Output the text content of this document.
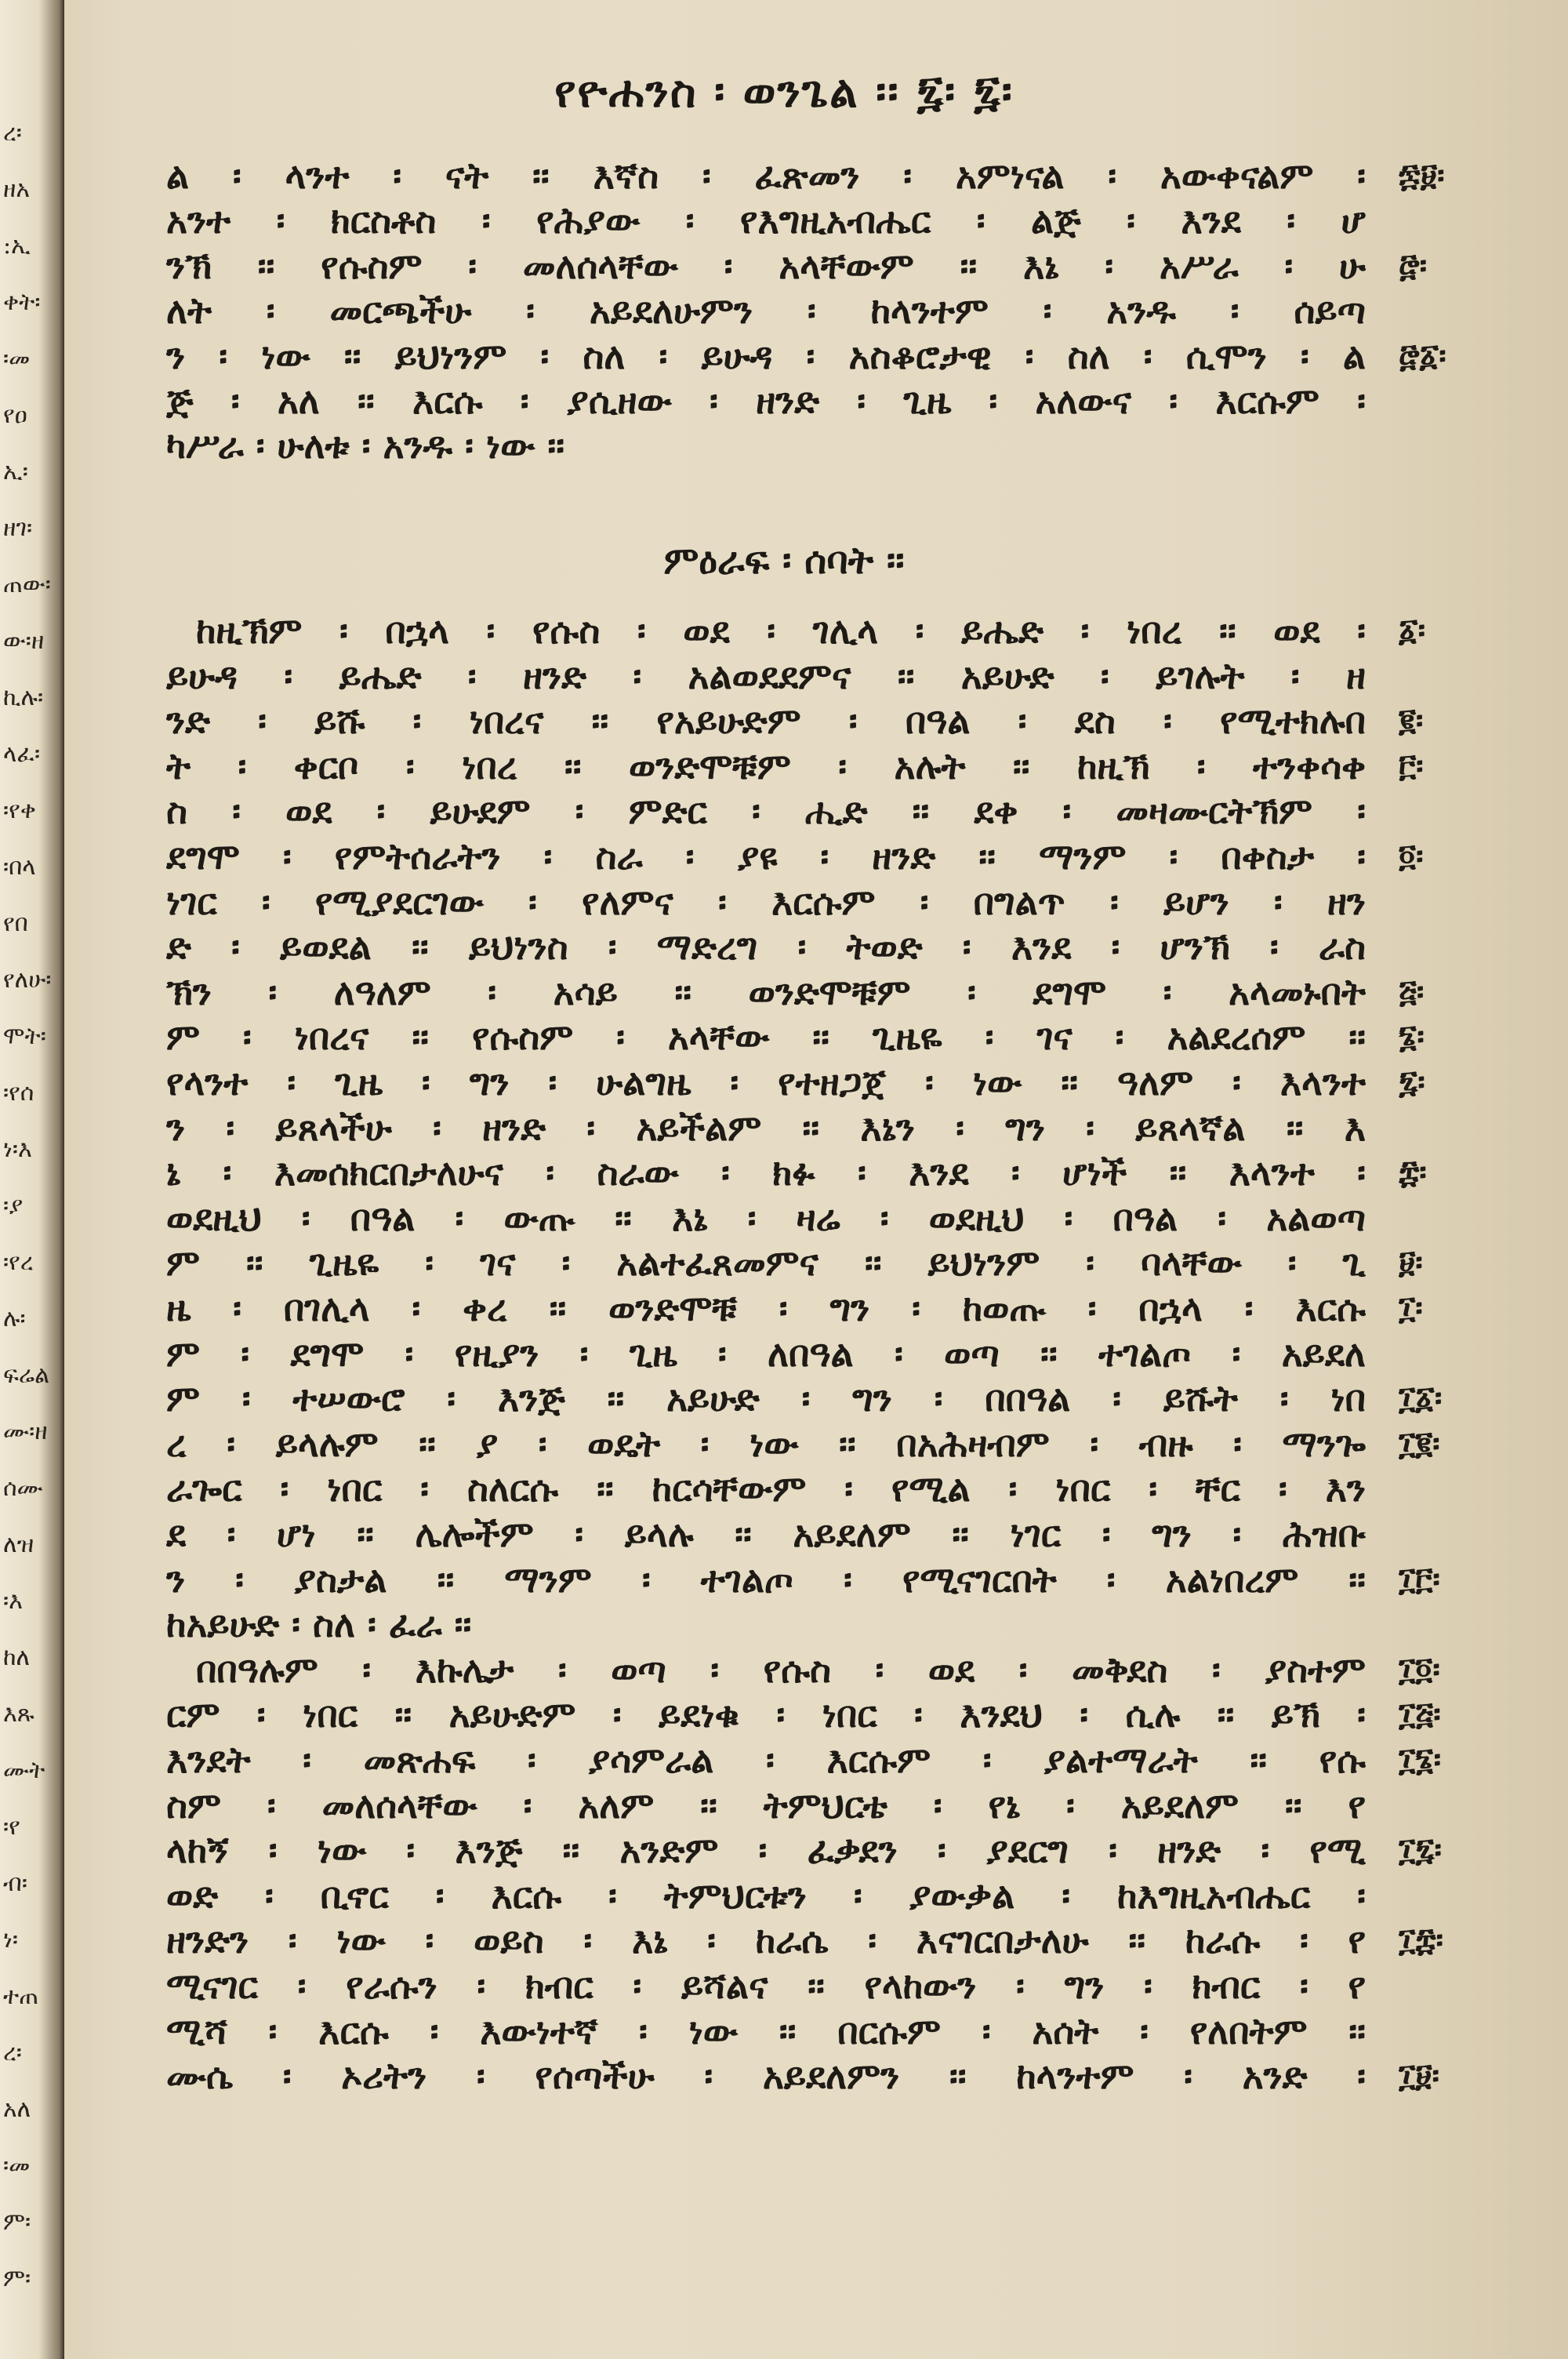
ረ፡
ዘአ
:ኢ
ቀት፡
፡መ
የዐ
ኢ፡
ዘገ፡
ጠው፡
ው፡ዘ
ኪሉ፡
ላፈ፡
፡የቀ
፡በላ
የበ
የለሁ፡
ሞት፡
፡የሰ
ነ፡እ
፡ያ
፡የረ
ሉ፡
ፍሬል
ሙ፡ዘ
ሰሙ
ለዝ
፡እ
ከለ
እጹ
ሙት
፡የ
ብ፡
ነ፡
ተጠ
ረ፡
አለ
፡መ
ም፡
ም፡
የዮሐንስ ፡ ወንጌል ፡፡ ፯፡ ፯፡
ምዕራፍ ፡ ሰባት ፡፡
ል ፡ ላንተ ፡ ናት ፡፡ እኛስ ፡ ፈጽመን ፡ አምነናል ፡ አውቀናልም ፡ ፷፱፡
አንተ ፡ ክርስቶስ ፡ የሕያው ፡ የእግዚአብሔር ፡ ልጅ ፡ እንደ ፡ ሆ
ንኽ ፡፡ የሱስም ፡ መለሰላቸው ፡ አላቸውም ፡፡ እኔ ፡ አሥራ ፡ ሁ ፸፡
ለት ፡ መርጫችሁ ፡ አይደለሁምን ፡ ከላንተም ፡ አንዱ ፡ ሰይጣ
ን ፡ ነው ፡፡ ይህነንም ፡ ስለ ፡ ይሁዳ ፡ አስቆሮታዊ ፡ ስለ ፡ ሲሞን ፡ ል ፸፩፡
ጅ ፡ አለ ፡፡ እርሱ ፡ ያሲዘው ፡ ዘንድ ፡ ጊዜ ፡ አለውና ፡ እርሱም ፡
ካሥራ ፡ ሁለቱ ፡ አንዱ ፡ ነው ፡፡
ከዚኽም ፡ በኋላ ፡ የሱስ ፡ ወደ ፡ ገሊላ ፡ ይሔድ ፡ ነበረ ፡፡ ወደ ፡ ፩፡
ይሁዳ ፡ ይሔድ ፡ ዘንድ ፡ አልወደደምና ፡፡ አይሁድ ፡ ይገሉት ፡ ዘ
ንድ ፡ ይሹ ፡ ነበረና ፡፡ የአይሁድም ፡ በዓል ፡ ደስ ፡ የሚተክሉበ ፪፡
ት ፡ ቀርቦ ፡ ነበረ ፡፡ ወንድሞቹም ፡ አሉት ፡፡ ከዚኽ ፡ ተንቀሳቀ ፫፡
ስ ፡ ወደ ፡ ይሁደም ፡ ምድር ፡ ሒድ ፡፡ ደቀ ፡ መዛሙርትኽም ፡
ደግሞ ፡ የምትሰራትን ፡ ስራ ፡ ያዩ ፡ ዘንድ ፡፡ ማንም ፡ በቀስታ ፡ ፬፡
ነገር ፡ የሚያደርገው ፡ የለምና ፡ እርሱም ፡ በግልጥ ፡ ይሆን ፡ ዘን
ድ ፡ ይወደል ፡፡ ይህነንስ ፡ ማድረግ ፡ ትወድ ፡ እንደ ፡ ሆንኽ ፡ ራስ
ኽን ፡ ለዓለም ፡ አሳይ ፡፡ ወንድሞቹም ፡ ደግሞ ፡ አላመኑበት ፭፡
ም ፡ ነበረና ፡፡ የሱስም ፡ አላቸው ፡፡ ጊዜዬ ፡ ገና ፡ አልደረሰም ፡፡ ፮፡
የላንተ ፡ ጊዜ ፡ ግን ፡ ሁልግዜ ፡ የተዘጋጀ ፡ ነው ፡፡ ዓለም ፡ እላንተ ፯፡
ን ፡ ይጸላችሁ ፡ ዘንድ ፡ አይችልም ፡፡ እኔን ፡ ግን ፡ ይጸላኛል ፡፡ እ
ኔ ፡ እመሰክርበታለሁና ፡ ስራው ፡ ክፉ ፡ እንደ ፡ ሆነች ፡፡ እላንተ ፡ ፰፡
ወደዚህ ፡ በዓል ፡ ውጡ ፡፡ እኔ ፡ ዛሬ ፡ ወደዚህ ፡ በዓል ፡ አልወጣ
ም ፡፡ ጊዜዬ ፡ ገና ፡ አልተፈጸመምና ፡፡ ይህነንም ፡ ባላቸው ፡ ጊ ፱፡
ዜ ፡ በገሊላ ፡ ቀረ ፡፡ ወንድሞቹ ፡ ግን ፡ ከወጡ ፡ በኋላ ፡ እርሱ ፲፡
ም ፡ ደግሞ ፡ የዚያን ፡ ጊዜ ፡ ለበዓል ፡ ወጣ ፡፡ ተገልጦ ፡ አይደለ
ም ፡ ተሠውሮ ፡ እንጅ ፡፡ አይሁድ ፡ ግን ፡ በበዓል ፡ ይሹት ፡ ነበ ፲፩፡
ረ ፡ ይላሉም ፡፡ ያ ፡ ወዴት ፡ ነው ፡፡ በአሕዛብም ፡ ብዙ ፡ ማንጐ ፲፪፡
ራጐር ፡ ነበር ፡ ስለርሱ ፡፡ ከርሳቸውም ፡ የሚል ፡ ነበር ፡ ቸር ፡ እን
ደ ፡ ሆነ ፡፡ ሌሎችም ፡ ይላሉ ፡፡ አይደለም ፡፡ ነገር ፡ ግን ፡ ሕዝቡ
ን ፡ ያስታል ፡፡ ማንም ፡ ተገልጦ ፡ የሚናገርበት ፡ አልነበረም ፡፡ ፲፫፡
ከአይሁድ ፡ ስለ ፡ ፈራ ፡፡
በበዓሉም ፡ እኩሌታ ፡ ወጣ ፡ የሱስ ፡ ወደ ፡ መቅደስ ፡ ያስተም ፲፬፡
ርም ፡ ነበር ፡፡ አይሁድም ፡ ይደነቁ ፡ ነበር ፡ እንደህ ፡ ሲሉ ፡፡ ይኽ ፡ ፲፭፡
እንደት ፡ መጽሐፍ ፡ ያሳምራል ፡ እርሱም ፡ ያልተማራት ፡፡ የሱ ፲፮፡
ስም ፡ መለሰላቸው ፡ አለም ፡፡ ትምህርቴ ፡ የኔ ፡ አይደለም ፡፡ የ
ላከኝ ፡ ነው ፡ እንጅ ፡፡ አንድም ፡ ፈቃደን ፡ ያደርግ ፡ ዘንድ ፡ የሚ ፲፯፡
ወድ ፡ ቢኖር ፡ እርሱ ፡ ትምህርቱን ፡ ያውቃል ፡ ከእግዚአብሔር ፡
ዘንድን ፡ ነው ፡ ወይስ ፡ እኔ ፡ ከራሴ ፡ እናገርበታለሁ ፡፡ ከራሱ ፡ የ ፲፰፡
ሚናገር ፡ የራሱን ፡ ክብር ፡ ይሻልና ፡፡ የላከውን ፡ ግን ፡ ክብር ፡ የ
ሚሻ ፡ እርሱ ፡ እውነተኛ ፡ ነው ፡፡ በርሱም ፡ አሰት ፡ የለበትም ፡፡
ሙሴ ፡ ኦሪትን ፡ የሰጣችሁ ፡ አይደለምን ፡፡ ከላንተም ፡ አንድ ፡ ፲፱፡
